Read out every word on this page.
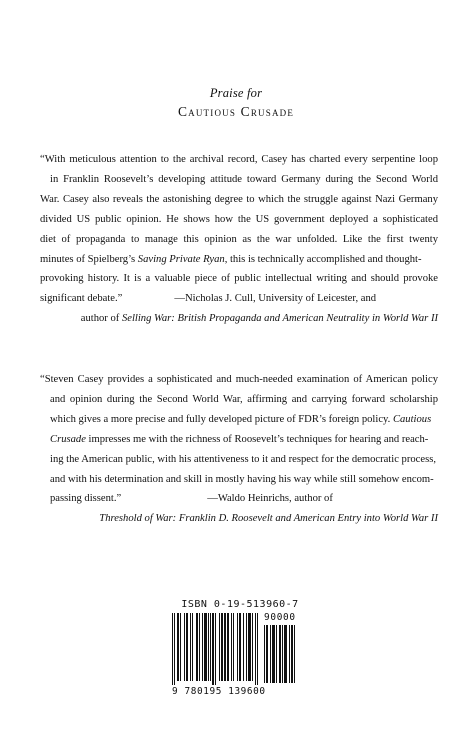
Praise for
Cautious Crusade
“With meticulous attention to the archival record, Casey has charted every serpentine loop
in Franklin Roosevelt’s developing attitude toward Germany during the Second World
War. Casey also reveals the astonishing degree to which the struggle against Nazi Germany
divided US public opinion. He shows how the US government deployed a sophisticated
diet of propaganda to manage this opinion as the war unfolded. Like the first twenty
minutes of Spielberg’s Saving Private Ryan, this is technically accomplished and thought-
provoking history. It is a valuable piece of public intellectual writing and should provoke
significant debate.”	—Nicholas J. Cull, University of Leicester, and
author of Selling War: British Propaganda and American Neutrality in World War II
“Steven Casey provides a sophisticated and much-needed examination of American policy
and opinion during the Second World War, affirming and carrying forward scholarship
which gives a more precise and fully developed picture of FDR’s foreign policy. Cautious
Crusade impresses me with the richness of Roosevelt’s techniques for hearing and reach-
ing the American public, with his attentiveness to it and respect for the democratic process,
and with his determination and skill in mostly having his way while still somehow encom-
passing dissent.”	—Waldo Heinrichs, author of
Threshold of War: Franklin D. Roosevelt and American Entry into World War II
ISBN 0-19-513960-7
90000
9 780195 139600
